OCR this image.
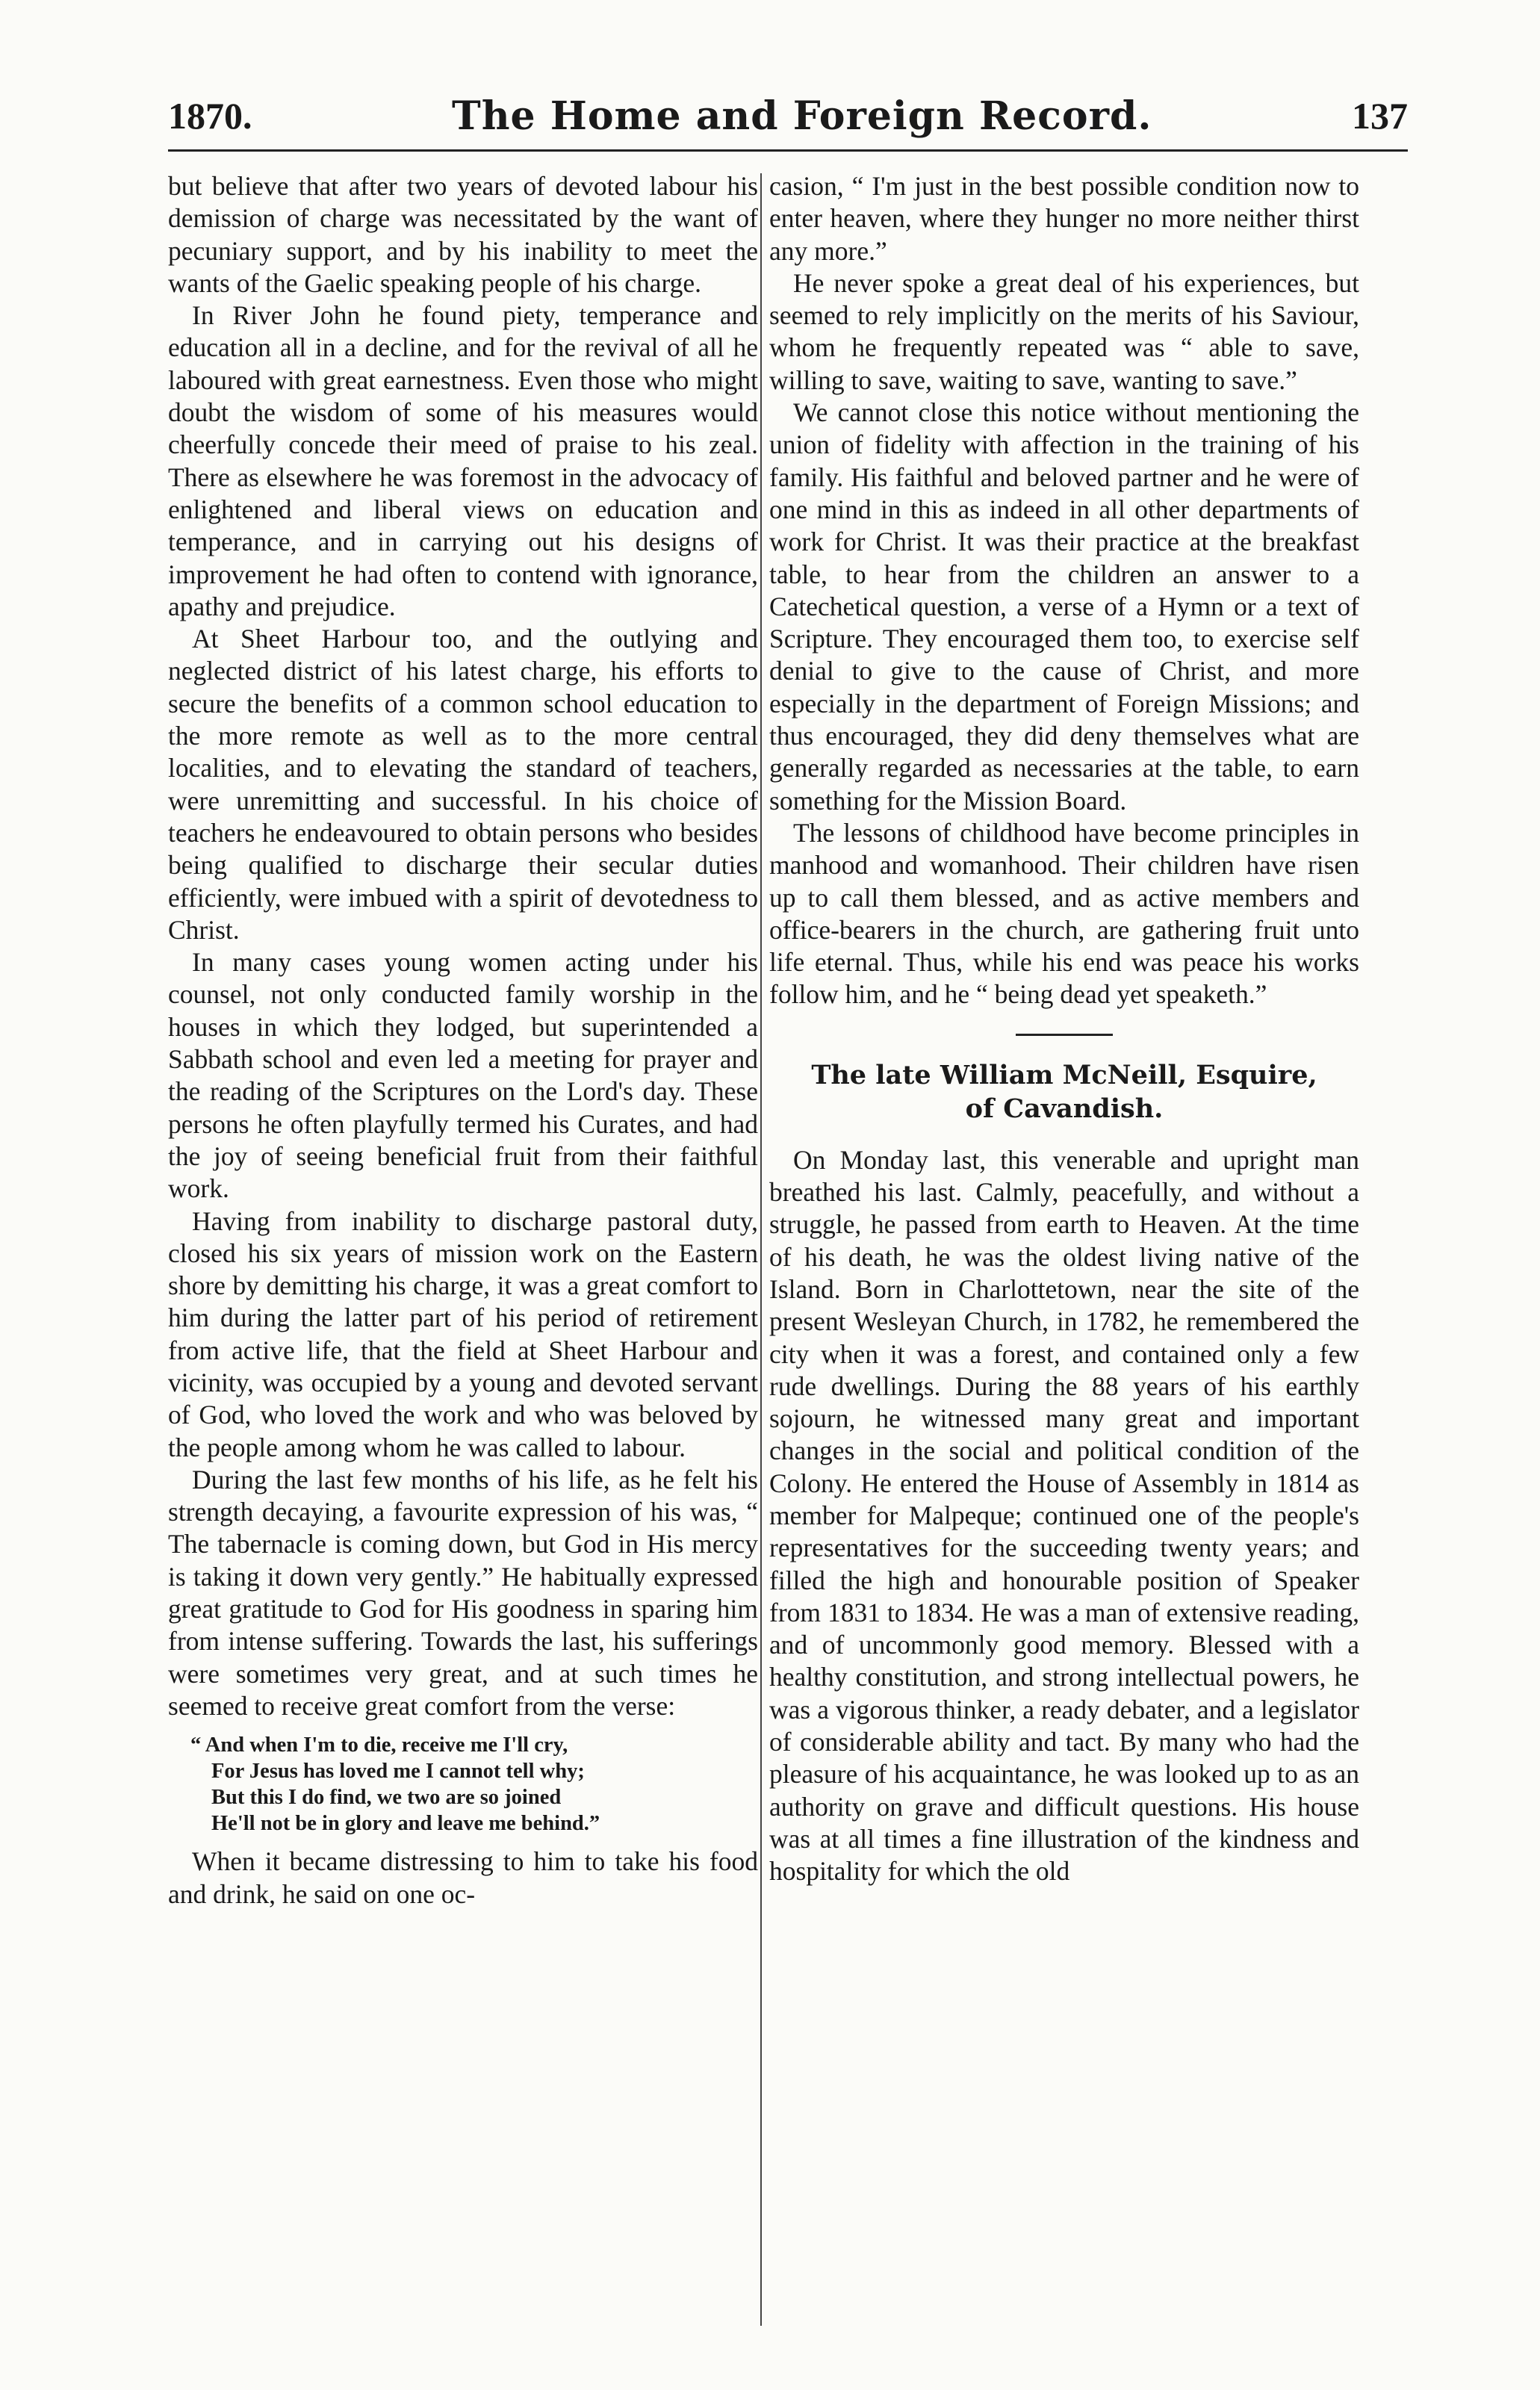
1870.	The Home and Foreign Record.	137

but believe that after two years of devoted labour his demission of charge was necessitated by the want of pecuniary support, and by his inability to meet the wants of the Gaelic speaking people of his charge.

In River John he found piety, temperance and education all in a decline, and for the revival of all he laboured with great earnestness. Even those who might doubt the wisdom of some of his measures would cheerfully concede their meed of praise to his zeal. There as elsewhere he was foremost in the advocacy of enlightened and liberal views on education and temperance, and in carrying out his designs of improvement he had often to contend with ignorance, apathy and prejudice.

At Sheet Harbour too, and the outlying and neglected district of his latest charge, his efforts to secure the benefits of a common school education to the more remote as well as to the more central localities, and to elevating the standard of teachers, were unremitting and successful. In his choice of teachers he endeavoured to obtain persons who besides being qualified to discharge their secular duties efficiently, were imbued with a spirit of devotedness to Christ.

In many cases young women acting under his counsel, not only conducted family worship in the houses in which they lodged, but superintended a Sabbath school and even led a meeting for prayer and the reading of the Scriptures on the Lord's day. These persons he often playfully termed his Curates, and had the joy of seeing beneficial fruit from their faithful work.

Having from inability to discharge pastoral duty, closed his six years of mission work on the Eastern shore by demitting his charge, it was a great comfort to him during the latter part of his period of retirement from active life, that the field at Sheet Harbour and vicinity, was occupied by a young and devoted servant of God, who loved the work and who was beloved by the people among whom he was called to labour.

During the last few months of his life, as he felt his strength decaying, a favourite expression of his was, “ The tabernacle is coming down, but God in His mercy is taking it down very gently.” He habitually expressed great gratitude to God for His goodness in sparing him from intense suffering. Towards the last, his sufferings were sometimes very great, and at such times he seemed to receive great comfort from the verse:

“ And when I'm to die, receive me I'll cry,
For Jesus has loved me I cannot tell why;
But this I do find, we two are so joined
He'll not be in glory and leave me behind.”

When it became distressing to him to take his food and drink, he said on one oc-

casion, “ I'm just in the best possible condition now to enter heaven, where they hunger no more neither thirst any more.”

He never spoke a great deal of his experiences, but seemed to rely implicitly on the merits of his Saviour, whom he frequently repeated was “ able to save, willing to save, waiting to save, wanting to save.”

We cannot close this notice without mentioning the union of fidelity with affection in the training of his family. His faithful and beloved partner and he were of one mind in this as indeed in all other departments of work for Christ. It was their practice at the breakfast table, to hear from the children an answer to a Catechetical question, a verse of a Hymn or a text of Scripture. They encouraged them too, to exercise self denial to give to the cause of Christ, and more especially in the department of Foreign Missions; and thus encouraged, they did deny themselves what are generally regarded as necessaries at the table, to earn something for the Mission Board.

The lessons of childhood have become principles in manhood and womanhood. Their children have risen up to call them blessed, and as active members and office-bearers in the church, are gathering fruit unto life eternal. Thus, while his end was peace his works follow him, and he “ being dead yet speaketh.”

The late William McNeill, Esquire,
of Cavandish.

On Monday last, this venerable and upright man breathed his last. Calmly, peacefully, and without a struggle, he passed from earth to Heaven. At the time of his death, he was the oldest living native of the Island. Born in Charlottetown, near the site of the present Wesleyan Church, in 1782, he remembered the city when it was a forest, and contained only a few rude dwellings. During the 88 years of his earthly sojourn, he witnessed many great and important changes in the social and political condition of the Colony. He entered the House of Assembly in 1814 as member for Malpeque; continued one of the people's representatives for the succeeding twenty years; and filled the high and honourable position of Speaker from 1831 to 1834. He was a man of extensive reading, and of uncommonly good memory. Blessed with a healthy constitution, and strong intellectual powers, he was a vigorous thinker, a ready debater, and a legislator of considerable ability and tact. By many who had the pleasure of his acquaintance, he was looked up to as an authority on grave and difficult questions. His house was at all times a fine illustration of the kindness and hospitality for which the old
